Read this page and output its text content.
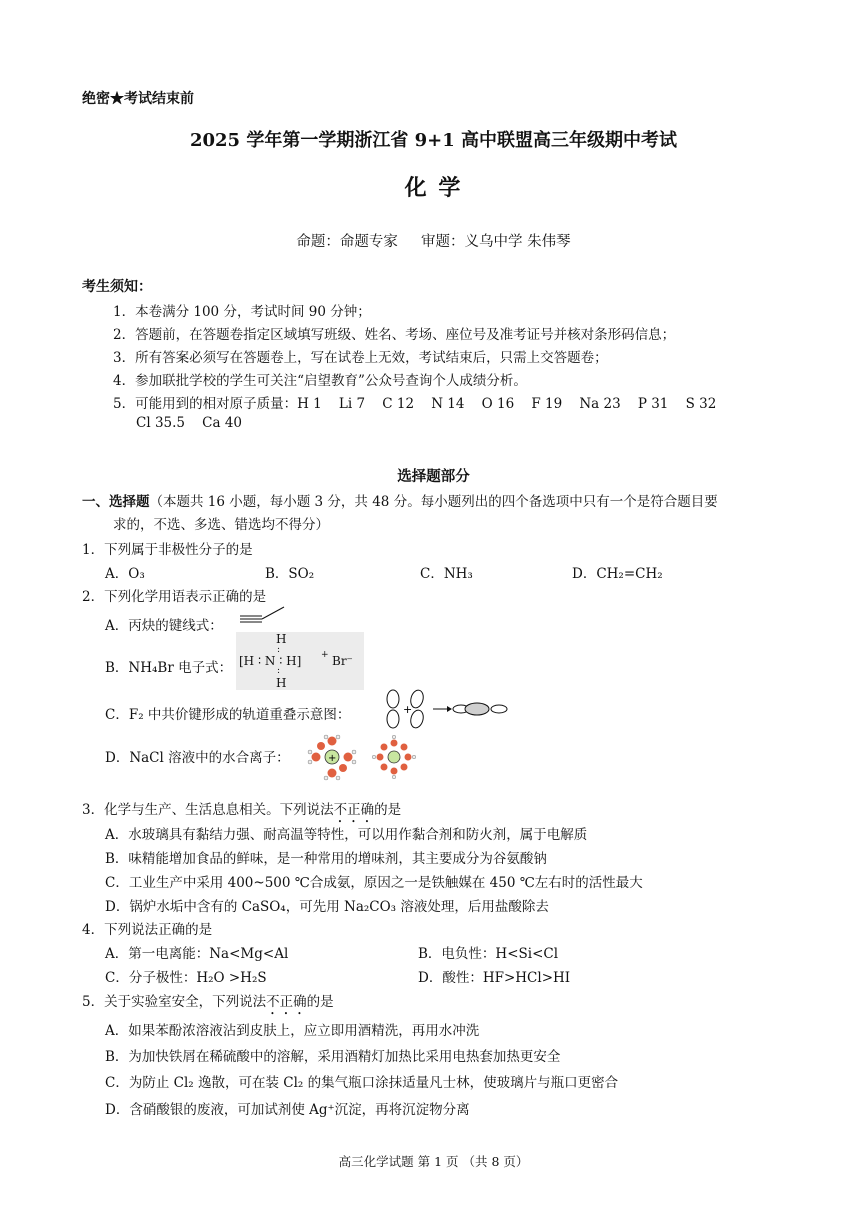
绝密★考试结束前
2025 学年第一学期浙江省 9+1 高中联盟高三年级期中考试
化 学
命题：命题专家     审题：义乌中学 朱伟琴
考生须知：
1．本卷满分 100 分，考试时间 90 分钟；
2．答题前，在答题卷指定区域填写班级、姓名、考场、座位号及准考证号并核对条形码信息；
3．所有答案必须写在答题卷上，写在试卷上无效，考试结束后，只需上交答题卷；
4．参加联批学校的学生可关注“启望教育”公众号查询个人成绩分析。
5．可能用到的相对原子质量：H 1    Li 7    C 12    N 14    O 16    F 19    Na 23    P 31    S 32
Cl 35.5    Ca 40
选择题部分
一、选择题（本题共 16 小题，每小题 3 分，共 48 分。每小题列出的四个备选项中只有一个是符合题目要
求的，不选、多选、错选均不得分）
1．下列属于非极性分子的是
A．O₃	B．SO₂	C．NH₃	D．CH₂=CH₂
2．下列化学用语表示正确的是
A．丙炔的键线式：
B．NH₄Br 电子式：
H
:
[H ∶ N ∶ H] + Br⁻
:
H
C．F₂ 中共价键形成的轨道重叠示意图：	+
D．NaCl 溶液中的水合离子：	+
3．化学与生产、生活息息相关。下列说法不正确的是
A．水玻璃具有黏结力强、耐高温等特性，可以用作黏合剂和防火剂，属于电解质
B．味精能增加食品的鲜味，是一种常用的增味剂，其主要成分为谷氨酸钠
C．工业生产中采用 400~500 ℃合成氨，原因之一是铁触媒在 450 ℃左右时的活性最大
D．锅炉水垢中含有的 CaSO₄，可先用 Na₂CO₃ 溶液处理，后用盐酸除去
4．下列说法正确的是
A．第一电离能：Na<Mg<Al	B．电负性：H<Si<Cl
C．分子极性：H₂O >H₂S	D．酸性：HF>HCl>HI
5．关于实验室安全，下列说法不正确的是
A．如果苯酚浓溶液沾到皮肤上，应立即用酒精洗，再用水冲洗
B．为加快铁屑在稀硫酸中的溶解，采用酒精灯加热比采用电热套加热更安全
C．为防止 Cl₂ 逸散，可在装 Cl₂ 的集气瓶口涂抹适量凡士林，使玻璃片与瓶口更密合
D．含硝酸银的废液，可加试剂使 Ag⁺沉淀，再将沉淀物分离
高三化学试题 第 1 页 （共 8 页）
